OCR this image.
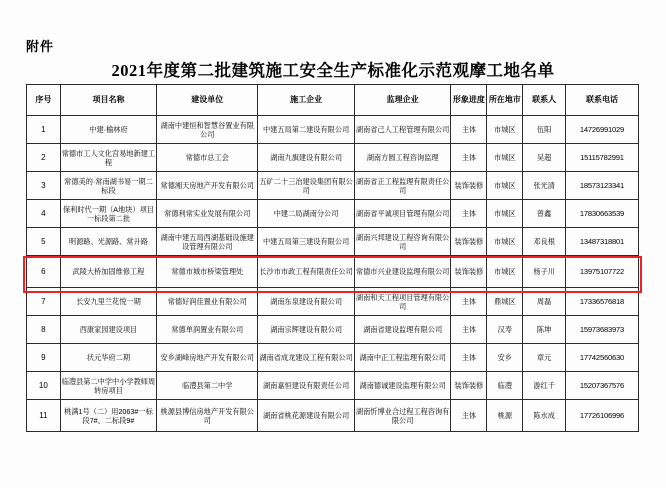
附件
2021年度第二批建筑施工安全生产标准化示范观摩工地名单
序号	项目名称	建设单位	施工企业	监理企业	形象进度	所在地市	联系人	联系电话
1	中建·榆林府	湖南中建恒和智慧谷置业有限公司	中建五局第二建设有限公司	湖南省己人工程管理有限公司	主体	市城区	伍阳	14726991029
2	常德市工人文化宫易地新建工程	常德市总工会	湖南九旗建设有限公司	湖南方圆工程咨询监理	主体	市城区	吴超	15115782991
3	常德美的·常南湖书易一期二标段	常德湘天房地产开发有限公司	五矿二十三冶建设集团有限公司	湖南省正工程监理有限责任公司	装饰装修	市城区	张光清	18573123341
4	保利时代一期（A地块）项目一标段第二批	常德利常实业发展有限公司	中建二局湖南分公司	湖南省平诚项目管理有限公司	主体	市城区	曾鑫	17830663539
5	明源路、光源路、常升路	湖南中建五局西湖基础设施建设管理有限公司	中建五局第三建设有限公司	湖南兴邦建设工程咨询有限公司	装饰装修	市城区	邓良根	13487318801
6	武陵大桥加固维修工程	常德市城市桥梁管理处	长沙市市政工程有限责任公司	常德市兴业建设监理有限公司	装饰装修	市城区	杨子川	13975107722
7	长安九里兰花悦一期	常德好润佳置业有限公司	湖南东泉建设有限公司	湖南和天工程项目管理有限公司	主体	鼎城区	周磊	17336576818
8	西康家园建设项目	常德单润置业有限公司	湖南宗辉建设有限公司	湖南省建设监理有限公司	主体	汉寿	陈坤	15973683973
9	状元华府二期	安乡湖峰房地产开发有限公司	湖南省成龙建设工程有限公司	湖南中正工程监理有限公司	主体	安乡	章元	17742560630
10	临澧县第二中学中小学教师周转房项目	临澧县第二中学	湖南嘉恒建设有限责任公司	湖南德诚建设监理有限公司	装饰装修	临澧	游红千	15207367576
11	桃满1号（二）用2063#一标段7#、二标段9#	桃源县博信房地产开发有限公司	湖南省桃花源建设有限公司	湖南忻博业合过程工程咨询有限公司	主体	桃源	陈水成	17726106996
